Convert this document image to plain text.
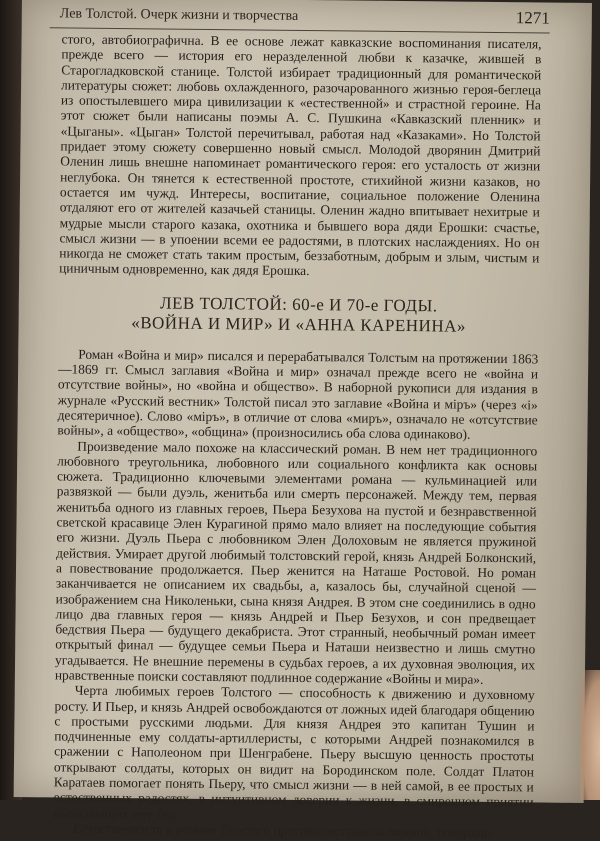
Лев Толстой. Очерк жизни и творчества	1271

стого, автобиографична. В ее основе лежат кавказские воспоминания писателя, прежде всего — история его неразделенной любви к казачке, жившей в Старогладковской станице. Толстой избирает традиционный для романтической литературы сюжет: любовь охлажденного, разочарованного жизнью героя-беглеца из опостылевшего мира цивилизации к «естественной» и страстной героине. На этот сюжет были написаны поэмы А. С. Пушкина «Кавказский пленник» и «Цыганы». «Цыган» Толстой перечитывал, работая над «Казаками». Но Толстой придает этому сюжету совершенно новый смысл. Молодой дворянин Дмитрий Оленин лишь внешне напоминает романтического героя: его усталость от жизни неглубока. Он тянется к естественной простоте, стихийной жизни казаков, но остается им чужд. Интересы, воспитание, социальное положение Оленина отдаляют его от жителей казачьей станицы. Оленин жадно впитывает нехитрые и мудрые мысли старого казака, охотника и бывшего вора дяди Ерошки: счастье, смысл жизни — в упоении всеми ее радостями, в плотских наслаждениях. Но он никогда не сможет стать таким простым, беззаботным, добрым и злым, чистым и циничным одновременно, как дядя Ерошка.

ЛЕВ ТОЛСТОЙ: 60-е И 70-е ГОДЫ.
«ВОЙНА И МИР» И «АННА КАРЕНИНА»

Роман «Война и мир» писался и перерабатывался Толстым на протяжении 1863—1869 гг. Смысл заглавия «Война и мир» означал прежде всего не «война и отсутствие войны», но «война и общество». В наборной рукописи для издания в журнале «Русский вестник» Толстой писал это заглавие «Война и міръ» (через «і» десятеричное). Слово «міръ», в отличие от слова «миръ», означало не «отсутствие войны», а «общество», «община» (произносились оба слова одинаково).

Произведение мало похоже на классический роман. В нем нет традиционного любовного треугольника, любовного или социального конфликта как основы сюжета. Традиционно ключевыми элементами романа — кульминацией или развязкой — были дуэль, женитьба или смерть персонажей. Между тем, первая женитьба одного из главных героев, Пьера Безухова на пустой и безнравственной светской красавице Элен Курагиной прямо мало влияет на последующие события его жизни. Дуэль Пьера с любовником Элен Долоховым не является пружиной действия. Умирает другой любимый толстовский герой, князь Андрей Болконский, а повествование продолжается. Пьер женится на Наташе Ростовой. Но роман заканчивается не описанием их свадьбы, а, казалось бы, случайной сценой — изображением сна Николеньки, сына князя Андрея. В этом сне соединились в одно лицо два главных героя — князь Андрей и Пьер Безухов, и сон предвещает бедствия Пьера — будущего декабриста. Этот странный, необычный роман имеет открытый финал — будущее семьи Пьера и Наташи неизвестно и лишь смутно угадывается. Не внешние перемены в судьбах героев, а их духовная эволюция, их нравственные поиски составляют подлинное содержание «Войны и мира».

Черта любимых героев Толстого — способность к движению и духовному росту. И Пьер, и князь Андрей освобождаются от ложных идей благодаря общению с простыми русскими людьми. Для князя Андрея это капитан Тушин и подчиненные ему солдаты-артиллеристы, с которыми Андрей познакомился в сражении с Наполеоном при Шенграбене. Пьеру высшую ценность простоты открывают солдаты, которых он видит на Бородинском поле. Солдат Платон Каратаев помогает понять Пьеру, что смысл жизни — в ней самой, в ее простых и естественных радостях, в интуитивном доверии к жизни, в смиренном приятии выпадающих ему бед.

Естественность в романе Толстого противопоставлена ложной, поверхно-
